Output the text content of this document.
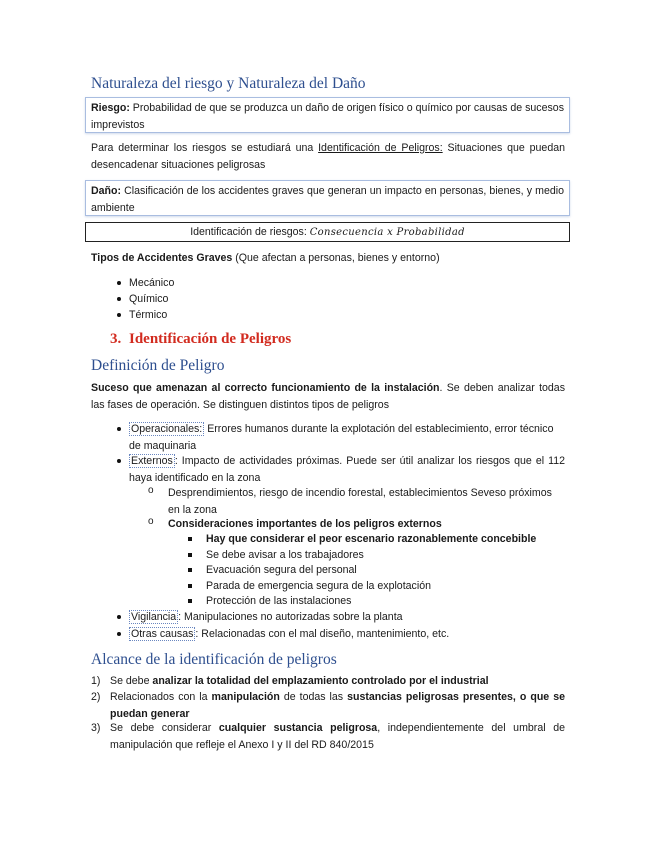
Naturaleza del riesgo y Naturaleza del Daño
Riesgo: Probabilidad de que se produzca un daño de origen físico o químico por causas de sucesos imprevistos
Para determinar los riesgos se estudiará una Identificación de Peligros: Situaciones que puedan desencadenar situaciones peligrosas
Daño: Clasificación de los accidentes graves que generan un impacto en personas, bienes, y medio ambiente
Identificación de riesgos: Consecuencia x Probabilidad
Tipos de Accidentes Graves (Que afectan a personas, bienes y entorno)
Mecánico
Químico
Térmico
3. Identificación de Peligros
Definición de Peligro
Suceso que amenazan al correcto funcionamiento de la instalación. Se deben analizar todas las fases de operación. Se distinguen distintos tipos de peligros
Operacionales: Errores humanos durante la explotación del establecimiento, error técnico de maquinaria
Externos : Impacto de actividades próximas. Puede ser útil analizar los riesgos que el 112 haya identificado en la zona
o Desprendimientos, riesgo de incendio forestal, establecimientos Seveso próximos en la zona
o Consideraciones importantes de los peligros externos
Hay que considerar el peor escenario razonablemente concebible
Se debe avisar a los trabajadores
Evacuación segura del personal
Parada de emergencia segura de la explotación
Protección de las instalaciones
Vigilancia : Manipulaciones no autorizadas sobre la planta
Otras causas : Relacionadas con el mal diseño, mantenimiento, etc.
Alcance de la identificación de peligros
1) Se debe analizar la totalidad del emplazamiento controlado por el industrial
2) Relacionados con la manipulación de todas las sustancias peligrosas presentes, o que se puedan generar
3) Se debe considerar cualquier sustancia peligrosa, independientemente del umbral de manipulación que refleje el Anexo I y II del RD 840/2015
